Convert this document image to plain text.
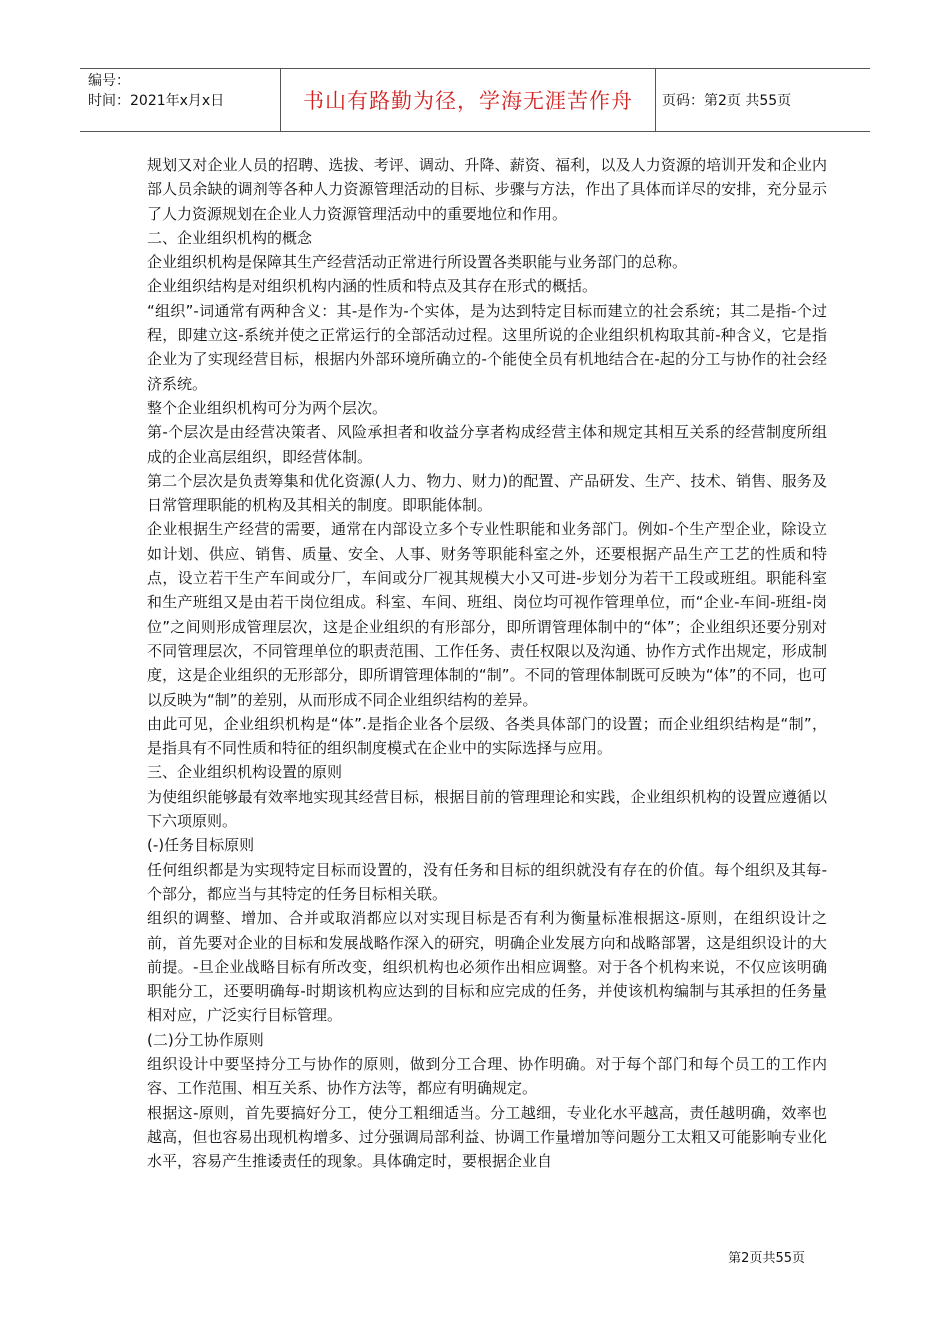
编号：
时间：2021年x月x日	书山有路勤为径，学海无涯苦作舟	页码：第2页 共55页

规划又对企业人员的招聘、选拔、考评、调动、升降、薪资、福利，以及人力资源的培训开发和企业内部人员余缺的调剂等各种人力资源管理活动的目标、步骤与方法，作出了具体而详尽的安排，充分显示了人力资源规划在企业人力资源管理活动中的重要地位和作用。

二、企业组织机构的概念

企业组织机构是保障其生产经营活动正常进行所设置各类职能与业务部门的总称。

企业组织结构是对组织机构内涵的性质和特点及其存在形式的概括。

“组织”-词通常有两种含义：其-是作为-个实体，是为达到特定目标而建立的社会系统；其二是指-个过程，即建立这-系统并使之正常运行的全部活动过程。这里所说的企业组织机构取其前-种含义，它是指企业为了实现经营目标，根据内外部环境所确立的-个能使全员有机地结合在-起的分工与协作的社会经济系统。

整个企业组织机构可分为两个层次。

第-个层次是由经营决策者、风险承担者和收益分享者构成经营主体和规定其相互关系的经营制度所组成的企业高层组织，即经营体制。

第二个层次是负责筹集和优化资源(人力、物力、财力)的配置、产品研发、生产、技术、销售、服务及日常管理职能的机构及其相关的制度。即职能体制。

企业根据生产经营的需要，通常在内部设立多个专业性职能和业务部门。例如-个生产型企业，除设立如计划、供应、销售、质量、安全、人事、财务等职能科室之外，还要根据产品生产工艺的性质和特点，设立若干生产车间或分厂，车间或分厂视其规模大小又可进-步划分为若干工段或班组。职能科室和生产班组又是由若干岗位组成。科室、车间、班组、岗位均可视作管理单位，而“企业-车间-班组-岗位”之间则形成管理层次，这是企业组织的有形部分，即所谓管理体制中的“体”；企业组织还要分别对不同管理层次，不同管理单位的职责范围、工作任务、责任权限以及沟通、协作方式作出规定，形成制度，这是企业组织的无形部分，即所谓管理体制的“制”。不同的管理体制既可反映为“体”的不同，也可以反映为“制”的差别，从而形成不同企业组织结构的差异。

由此可见，企业组织机构是“体”.是指企业各个层级、各类具体部门的设置；而企业组织结构是“制”，是指具有不同性质和特征的组织制度模式在企业中的实际选择与应用。

三、企业组织机构设置的原则

为使组织能够最有效率地实现其经营目标，根据目前的管理理论和实践，企业组织机构的设置应遵循以下六项原则。

(-)任务目标原则

任何组织都是为实现特定目标而设置的，没有任务和目标的组织就没有存在的价值。每个组织及其每-个部分，都应当与其特定的任务目标相关联。

组织的调整、增加、合并或取消都应以对实现目标是否有利为衡量标准根据这-原则，在组织设计之前，首先要对企业的目标和发展战略作深入的研究，明确企业发展方向和战略部署，这是组织设计的大前提。-旦企业战略目标有所改变，组织机构也必须作出相应调整。对于各个机构来说，不仅应该明确职能分工，还要明确每-时期该机构应达到的目标和应完成的任务，并使该机构编制与其承担的任务量相对应，广泛实行目标管理。

(二)分工协作原则

组织设计中要坚持分工与协作的原则，做到分工合理、协作明确。对于每个部门和每个员工的工作内容、工作范围、相互关系、协作方法等，都应有明确规定。

根据这-原则，首先要搞好分工，使分工粗细适当。分工越细，专业化水平越高，责任越明确，效率也越高，但也容易出现机构增多、过分强调局部利益、协调工作量增加等问题分工太粗又可能影响专业化水平，容易产生推诿责任的现象。具体确定时，要根据企业自

第2页共55页
